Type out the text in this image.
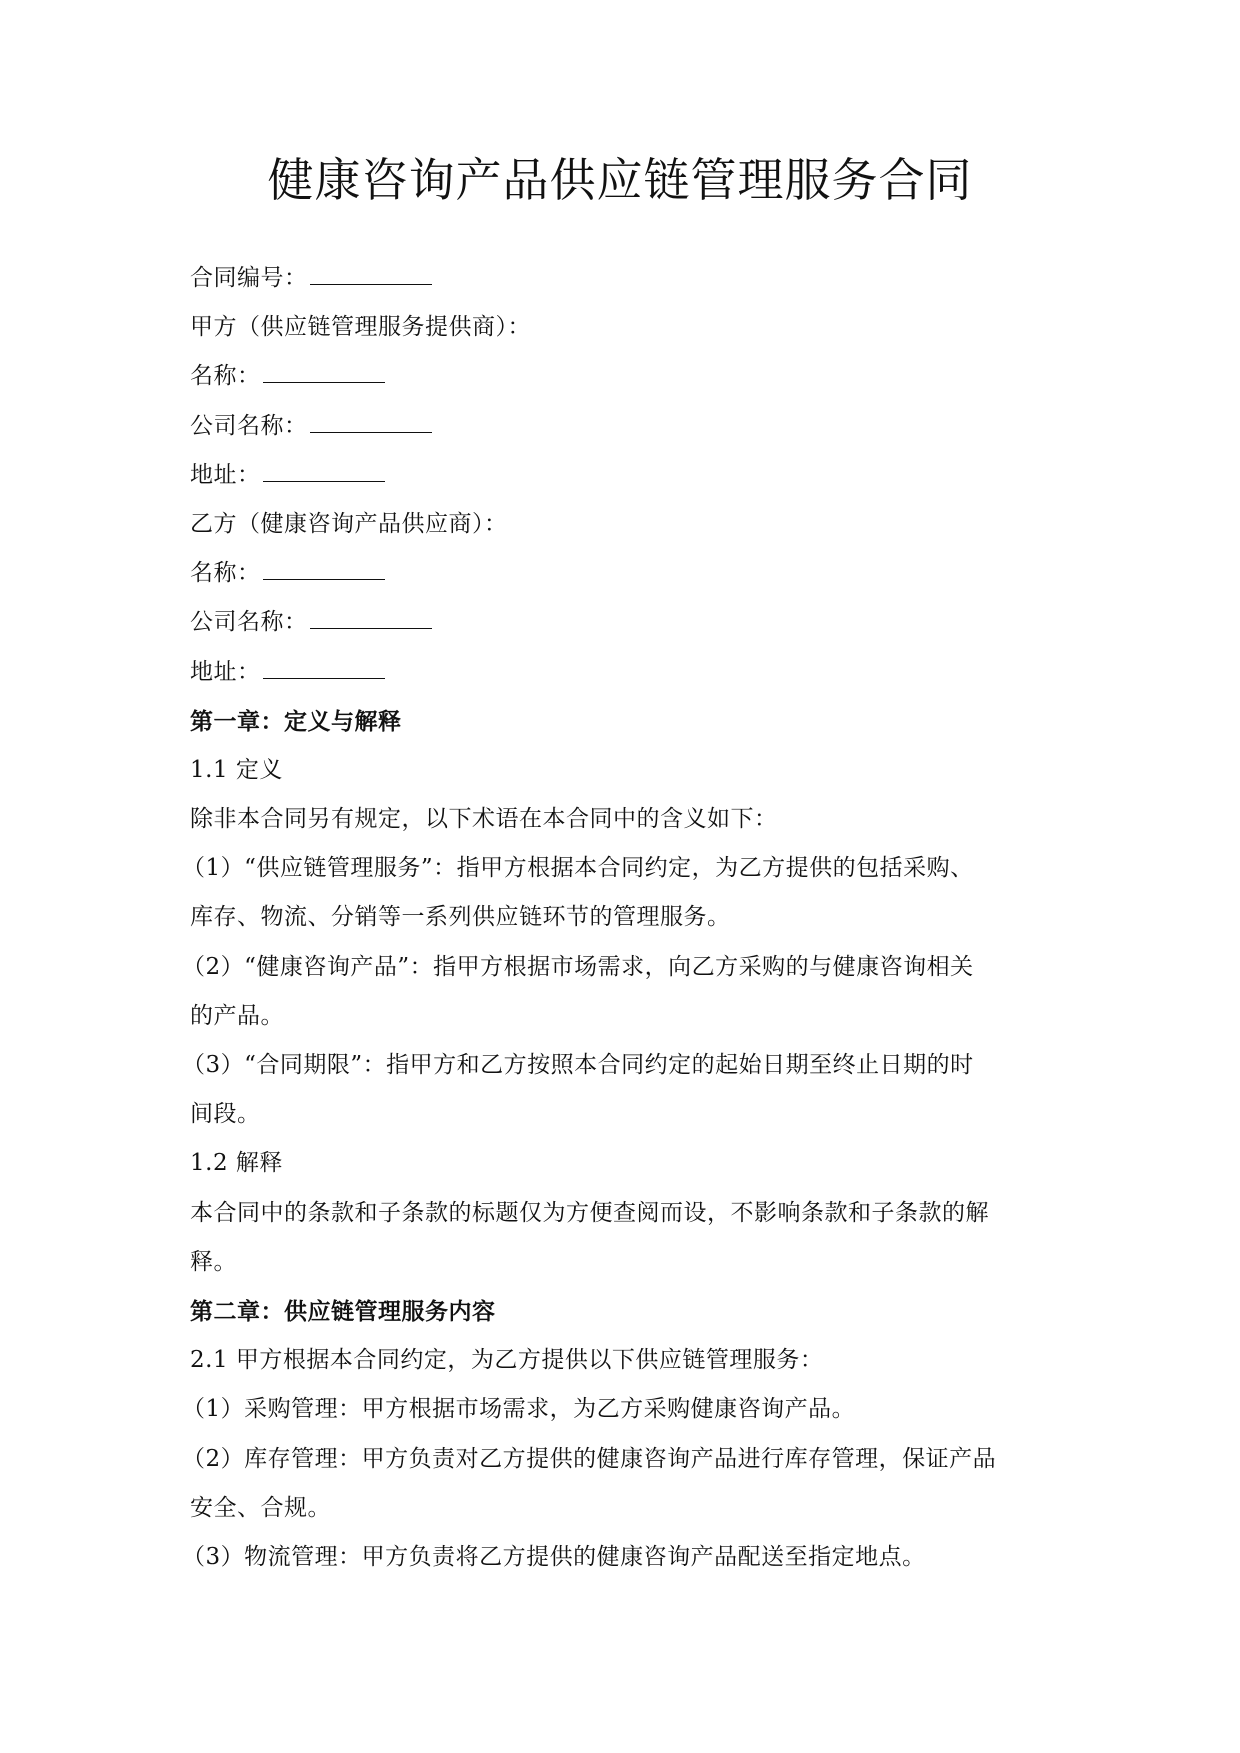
健康咨询产品供应链管理服务合同
合同编号：
甲方（供应链管理服务提供商）：
名称：
公司名称：
地址：
乙方（健康咨询产品供应商）：
名称：
公司名称：
地址：
第一章：定义与解释
1.1 定义
除非本合同另有规定，以下术语在本合同中的含义如下：
（1）“供应链管理服务”：指甲方根据本合同约定，为乙方提供的包括采购、
库存、物流、分销等一系列供应链环节的管理服务。
（2）“健康咨询产品”：指甲方根据市场需求，向乙方采购的与健康咨询相关
的产品。
（3）“合同期限”：指甲方和乙方按照本合同约定的起始日期至终止日期的时
间段。
1.2 解释
本合同中的条款和子条款的标题仅为方便查阅而设，不影响条款和子条款的解
释。
第二章：供应链管理服务内容
2.1 甲方根据本合同约定，为乙方提供以下供应链管理服务：
（1）采购管理：甲方根据市场需求，为乙方采购健康咨询产品。
（2）库存管理：甲方负责对乙方提供的健康咨询产品进行库存管理，保证产品
安全、合规。
（3）物流管理：甲方负责将乙方提供的健康咨询产品配送至指定地点。
